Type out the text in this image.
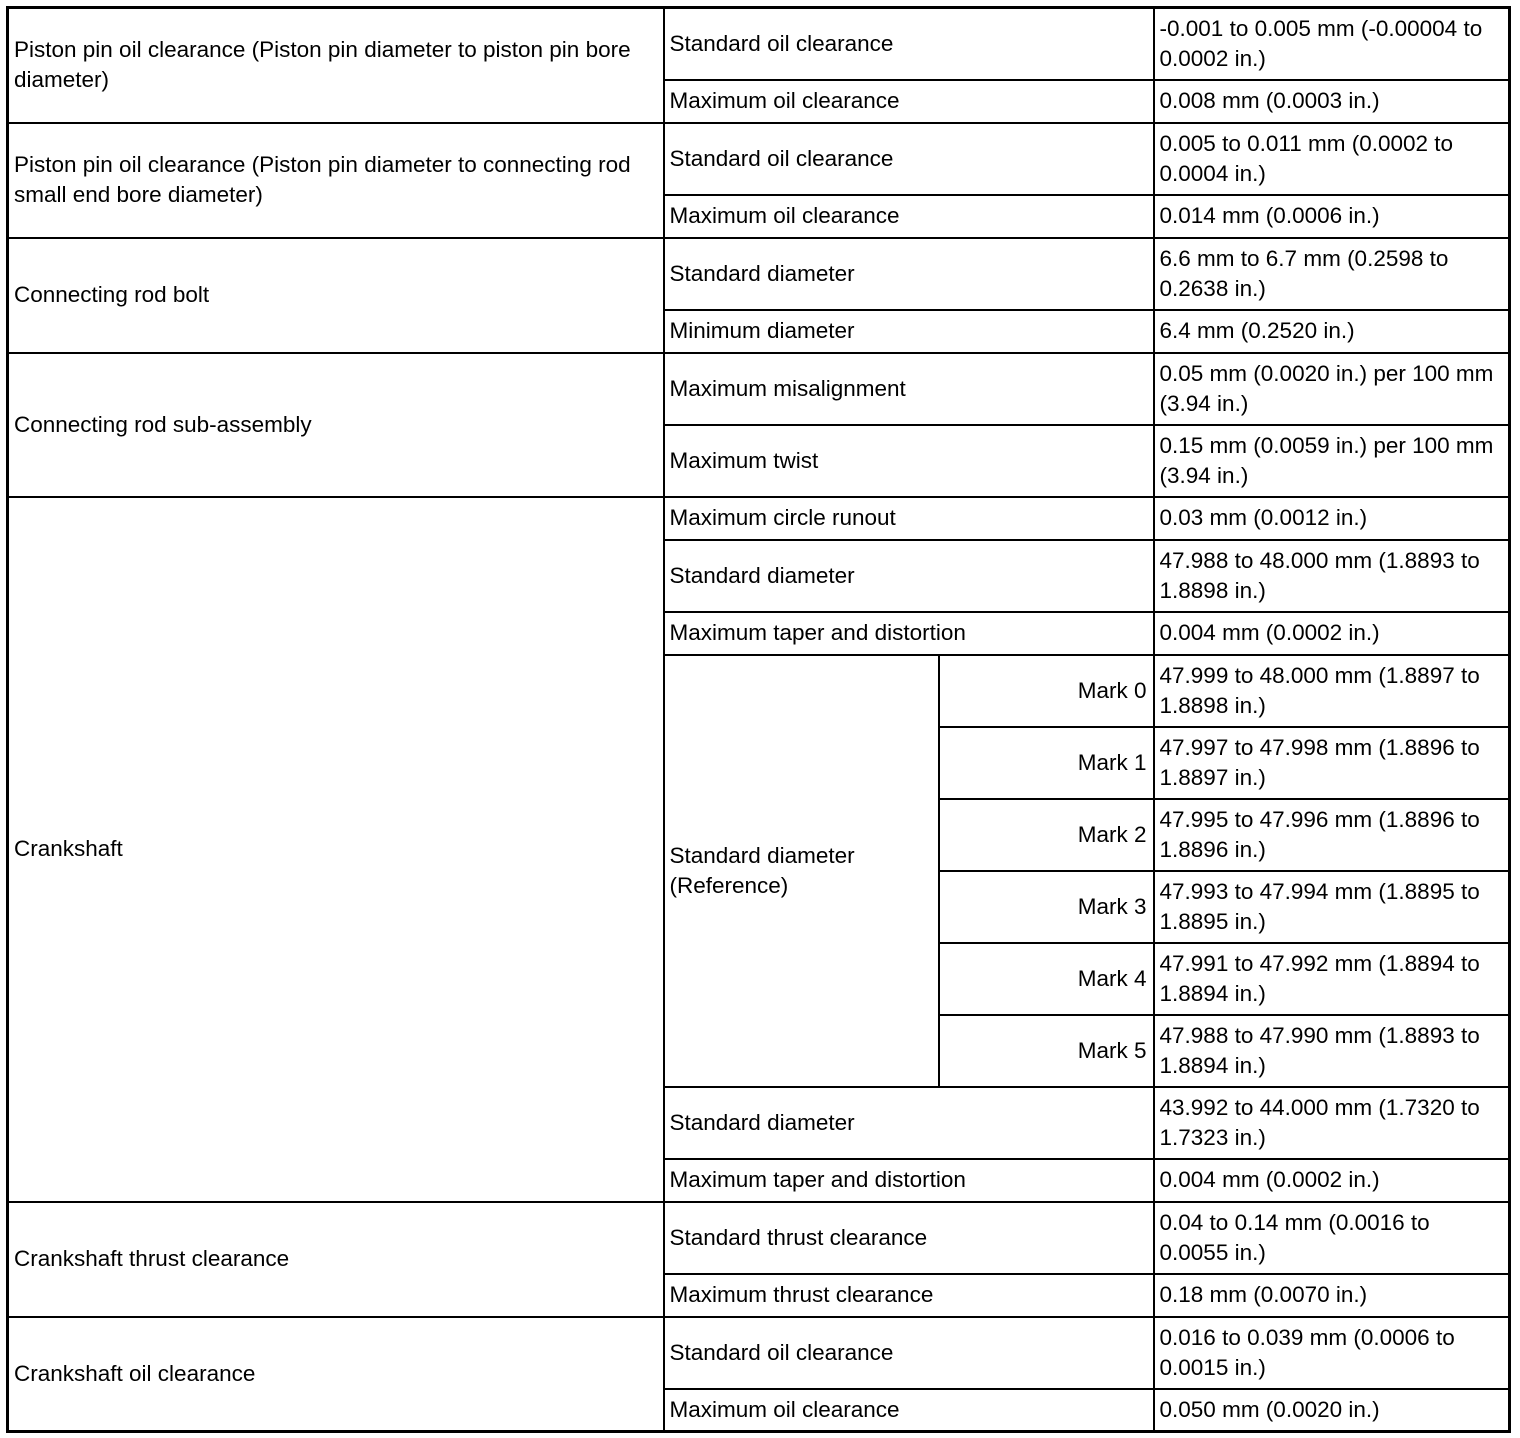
Piston pin oil clearance (Piston pin diameter to piston pin bore diameter)	Standard oil clearance		-0.001 to 0.005 mm (-0.00004 to 0.0002 in.)
	Maximum oil clearance		0.008 mm (0.0003 in.)
Piston pin oil clearance (Piston pin diameter to connecting rod small end bore diameter)	Standard oil clearance		0.005 to 0.011 mm (0.0002 to 0.0004 in.)
	Maximum oil clearance		0.014 mm (0.0006 in.)
Connecting rod bolt	Standard diameter		6.6 mm to 6.7 mm (0.2598 to 0.2638 in.)
	Minimum diameter		6.4 mm (0.2520 in.)
Connecting rod sub-assembly	Maximum misalignment		0.05 mm (0.0020 in.) per 100 mm (3.94 in.)
	Maximum twist		0.15 mm (0.0059 in.) per 100 mm (3.94 in.)
Crankshaft	Maximum circle runout		0.03 mm (0.0012 in.)
	Standard diameter		47.988 to 48.000 mm (1.8893 to 1.8898 in.)
	Maximum taper and distortion		0.004 mm (0.0002 in.)
	Standard diameter (Reference)	Mark 0	47.999 to 48.000 mm (1.8897 to 1.8898 in.)
		Mark 1	47.997 to 47.998 mm (1.8896 to 1.8897 in.)
		Mark 2	47.995 to 47.996 mm (1.8896 to 1.8896 in.)
		Mark 3	47.993 to 47.994 mm (1.8895 to 1.8895 in.)
		Mark 4	47.991 to 47.992 mm (1.8894 to 1.8894 in.)
		Mark 5	47.988 to 47.990 mm (1.8893 to 1.8894 in.)
	Standard diameter		43.992 to 44.000 mm (1.7320 to 1.7323 in.)
	Maximum taper and distortion		0.004 mm (0.0002 in.)
Crankshaft thrust clearance	Standard thrust clearance		0.04 to 0.14 mm (0.0016 to 0.0055 in.)
	Maximum thrust clearance		0.18 mm (0.0070 in.)
Crankshaft oil clearance	Standard oil clearance		0.016 to 0.039 mm (0.0006 to 0.0015 in.)
	Maximum oil clearance		0.050 mm (0.0020 in.)
